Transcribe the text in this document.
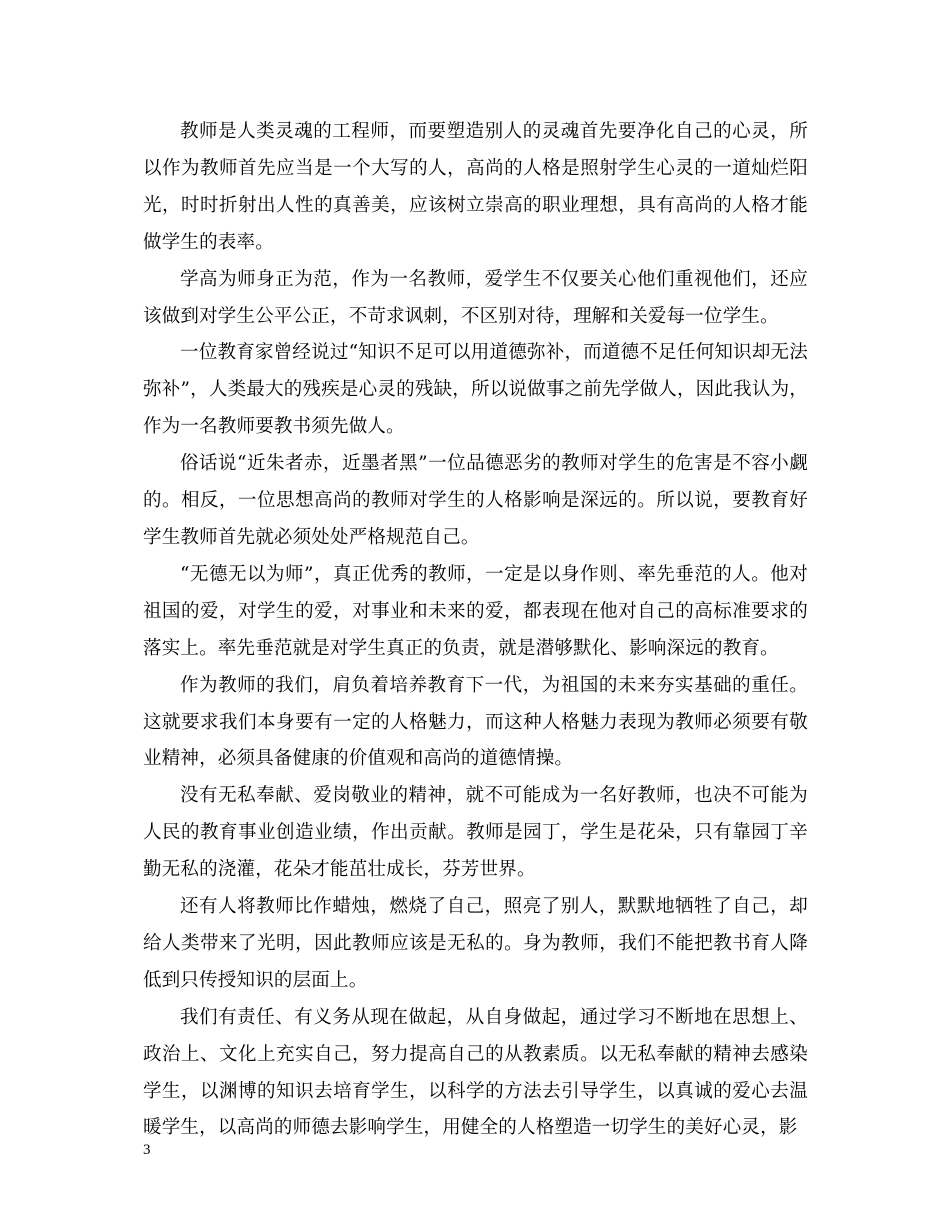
教师是人类灵魂的工程师，而要塑造别人的灵魂首先要净化自己的心灵，所以作为教师首先应当是一个大写的人，高尚的人格是照射学生心灵的一道灿烂阳光，时时折射出人性的真善美，应该树立崇高的职业理想，具有高尚的人格才能做学生的表率。

学高为师身正为范，作为一名教师，爱学生不仅要关心他们重视他们，还应该做到对学生公平公正，不苛求讽刺，不区别对待，理解和关爱每一位学生。

一位教育家曾经说过“知识不足可以用道德弥补，而道德不足任何知识却无法弥补”，人类最大的残疾是心灵的残缺，所以说做事之前先学做人，因此我认为，作为一名教师要教书须先做人。

俗话说“近朱者赤，近墨者黑”一位品德恶劣的教师对学生的危害是不容小觑的。相反，一位思想高尚的教师对学生的人格影响是深远的。所以说，要教育好学生教师首先就必须处处严格规范自己。

“无德无以为师”，真正优秀的教师，一定是以身作则、率先垂范的人。他对祖国的爱，对学生的爱，对事业和未来的爱，都表现在他对自己的高标准要求的落实上。率先垂范就是对学生真正的负责，就是潜够默化、影响深远的教育。

作为教师的我们，肩负着培养教育下一代，为祖国的未来夯实基础的重任。这就要求我们本身要有一定的人格魅力，而这种人格魅力表现为教师必须要有敬业精神，必须具备健康的价值观和高尚的道德情操。

没有无私奉献、爱岗敬业的精神，就不可能成为一名好教师，也决不可能为人民的教育事业创造业绩，作出贡献。教师是园丁，学生是花朵，只有靠园丁辛勤无私的浇灌，花朵才能茁壮成长，芬芳世界。

还有人将教师比作蜡烛，燃烧了自己，照亮了别人，默默地牺牲了自己，却给人类带来了光明，因此教师应该是无私的。身为教师，我们不能把教书育人降低到只传授知识的层面上。

我们有责任、有义务从现在做起，从自身做起，通过学习不断地在思想上、政治上、文化上充实自己，努力提高自己的从教素质。以无私奉献的精神去感染学生，以渊博的知识去培育学生，以科学的方法去引导学生，以真诚的爱心去温暖学生，以高尚的师德去影响学生，用健全的人格塑造一切学生的美好心灵，影

3
